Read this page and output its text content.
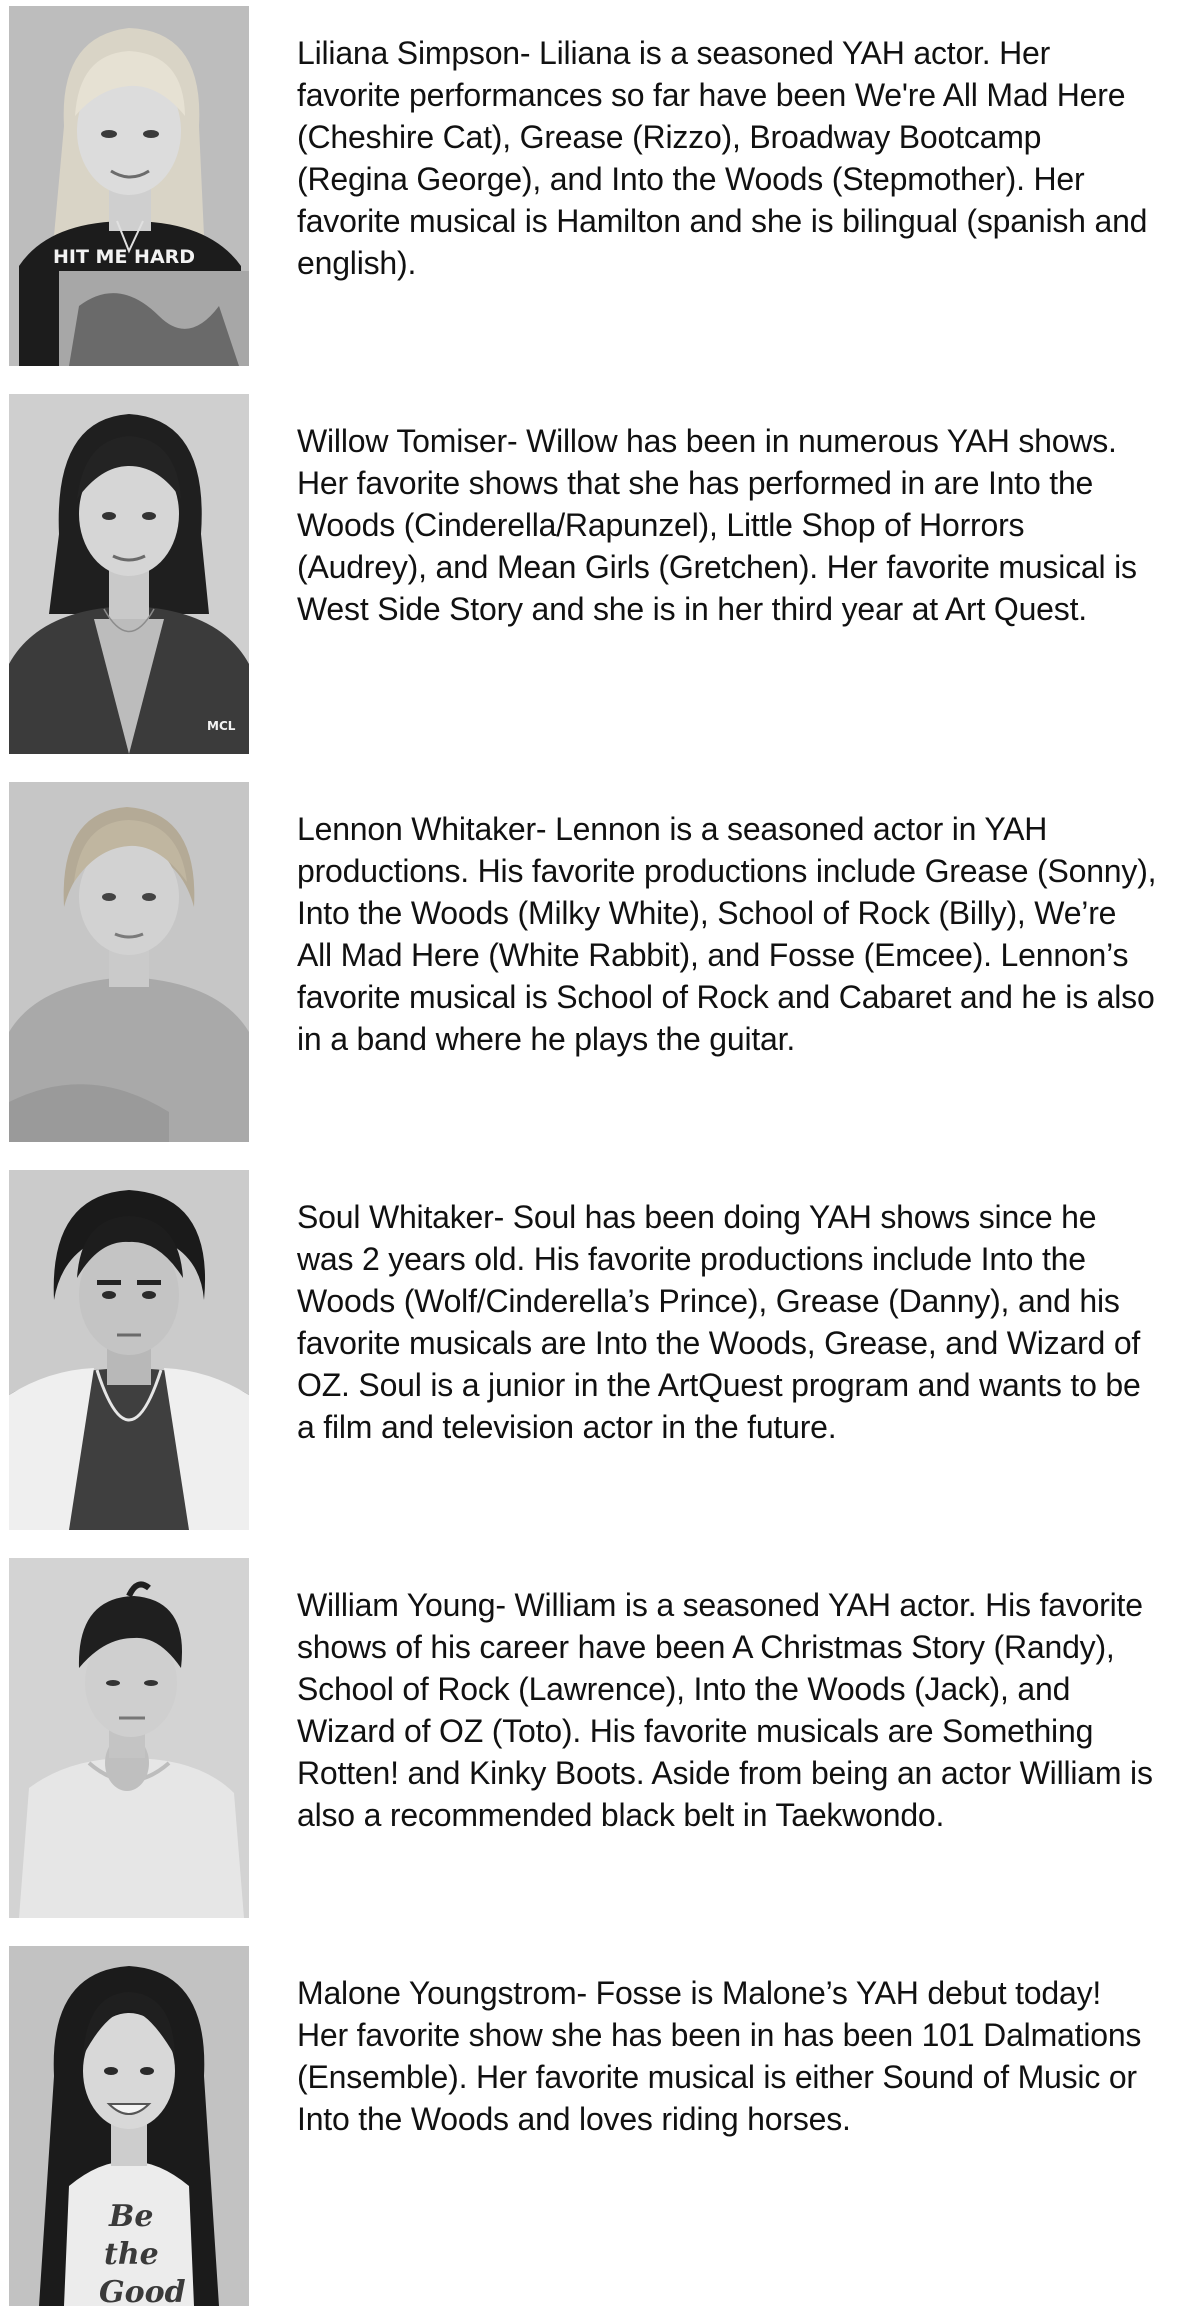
HIT ME HARD

Liliana Simpson- Liliana is a seasoned YAH actor. Her favorite performances so far have been We're All Mad Here (Cheshire Cat), Grease (Rizzo), Broadway Bootcamp (Regina George), and Into the Woods (Stepmother). Her favorite musical is Hamilton and she is bilingual (spanish and english).

MCL

Willow Tomiser- Willow has been in numerous YAH shows. Her favorite shows that she has performed in are Into the Woods (Cinderella/Rapunzel), Little Shop of Horrors (Audrey), and Mean Girls (Gretchen). Her favorite musical is West Side Story and she is in her third year at Art Quest.

Lennon Whitaker- Lennon is a seasoned actor in YAH productions. His favorite productions include Grease (Sonny), Into the Woods (Milky White), School of Rock (Billy), We’re All Mad Here (White Rabbit), and Fosse (Emcee). Lennon’s favorite musical is School of Rock and Cabaret and he is also in a band where he plays the guitar.

Soul Whitaker- Soul has been doing YAH shows since he was 2 years old. His favorite productions include Into the Woods (Wolf/Cinderella’s Prince), Grease (Danny), and his favorite musicals are Into the Woods, Grease, and Wizard of OZ. Soul is a junior in the ArtQuest program and wants to be a film and television actor in the future.

William Young- William is a seasoned YAH actor. His favorite shows of his career have been A Christmas Story (Randy), School of Rock (Lawrence), Into the Woods (Jack), and Wizard of OZ (Toto). His favorite musicals are Something Rotten! and Kinky Boots. Aside from being an actor William is also a recommended black belt in Taekwondo.

Be
the
Good

Malone Youngstrom- Fosse is Malone’s YAH debut today! Her favorite show she has been in has been 101 Dalmations (Ensemble). Her favorite musical is either Sound of Music or Into the Woods and loves riding horses.
